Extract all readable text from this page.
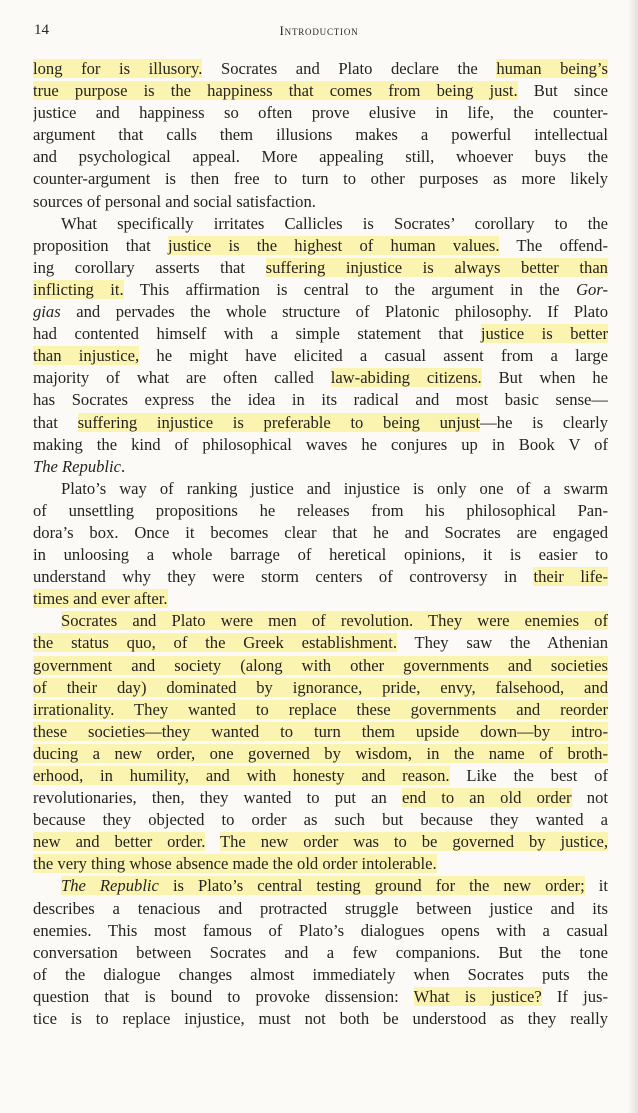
14	Introduction
long for is illusory. Socrates and Plato declare the human being’s
true purpose is the happiness that comes from being just. But since
justice and happiness so often prove elusive in life, the counter-
argument that calls them illusions makes a powerful intellectual
and psychological appeal. More appealing still, whoever buys the
counter-argument is then free to turn to other purposes as more likely
sources of personal and social satisfaction.
What specifically irritates Callicles is Socrates’ corollary to the
proposition that justice is the highest of human values. The offend-
ing corollary asserts that suffering injustice is always better than
inflicting it. This affirmation is central to the argument in the Gor-
gias and pervades the whole structure of Platonic philosophy. If Plato
had contented himself with a simple statement that justice is better
than injustice, he might have elicited a casual assent from a large
majority of what are often called law-abiding citizens. But when he
has Socrates express the idea in its radical and most basic sense—
that suffering injustice is preferable to being unjust—he is clearly
making the kind of philosophical waves he conjures up in Book V of
The Republic.
Plato’s way of ranking justice and injustice is only one of a swarm
of unsettling propositions he releases from his philosophical Pan-
dora’s box. Once it becomes clear that he and Socrates are engaged
in unloosing a whole barrage of heretical opinions, it is easier to
understand why they were storm centers of controversy in their life-
times and ever after.
Socrates and Plato were men of revolution. They were enemies of
the status quo, of the Greek establishment. They saw the Athenian
government and society (along with other governments and societies
of their day) dominated by ignorance, pride, envy, falsehood, and
irrationality. They wanted to replace these governments and reorder
these societies—they wanted to turn them upside down—by intro-
ducing a new order, one governed by wisdom, in the name of broth-
erhood, in humility, and with honesty and reason. Like the best of
revolutionaries, then, they wanted to put an end to an old order not
because they objected to order as such but because they wanted a
new and better order. The new order was to be governed by justice,
the very thing whose absence made the old order intolerable.
The Republic is Plato’s central testing ground for the new order; it
describes a tenacious and protracted struggle between justice and its
enemies. This most famous of Plato’s dialogues opens with a casual
conversation between Socrates and a few companions. But the tone
of the dialogue changes almost immediately when Socrates puts the
question that is bound to provoke dissension: What is justice? If jus-
tice is to replace injustice, must not both be understood as they really
